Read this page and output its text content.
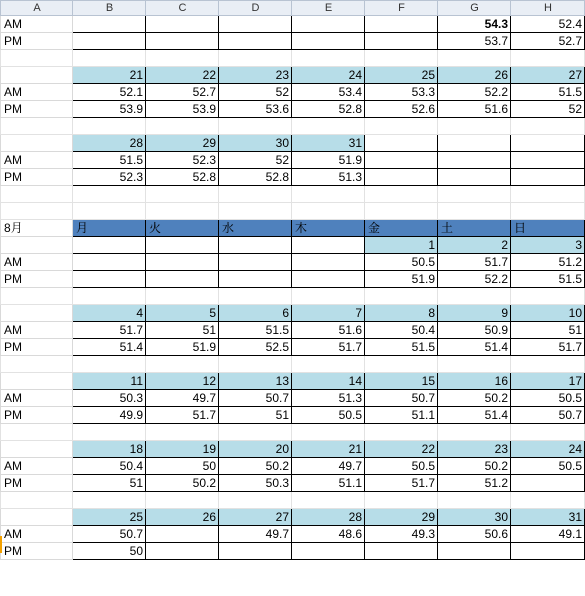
A	B	C	D	E	F	G	H
AM						54.3	52.4
PM						53.7	52.7

	21	22	23	24	25	26	27
AM	52.1	52.7	52	53.4	53.3	52.2	51.5
PM	53.9	53.9	53.6	52.8	52.6	51.6	52

	28	29	30	31			
AM	51.5	52.3	52	51.9			
PM	52.3	52.8	52.8	51.3			

8月	月	火	水	木	金	土	日
					1	2	3
AM					50.5	51.7	51.2
PM					51.9	52.2	51.5

	4	5	6	7	8	9	10
AM	51.7	51	51.5	51.6	50.4	50.9	51
PM	51.4	51.9	52.5	51.7	51.5	51.4	51.7

	11	12	13	14	15	16	17
AM	50.3	49.7	50.7	51.3	50.7	50.2	50.5
PM	49.9	51.7	51	50.5	51.1	51.4	50.7

	18	19	20	21	22	23	24
AM	50.4	50	50.2	49.7	50.5	50.2	50.5
PM	51	50.2	50.3	51.1	51.7	51.2	

	25	26	27	28	29	30	31
AM	50.7		49.7	48.6	49.3	50.6	49.1
PM	50						
